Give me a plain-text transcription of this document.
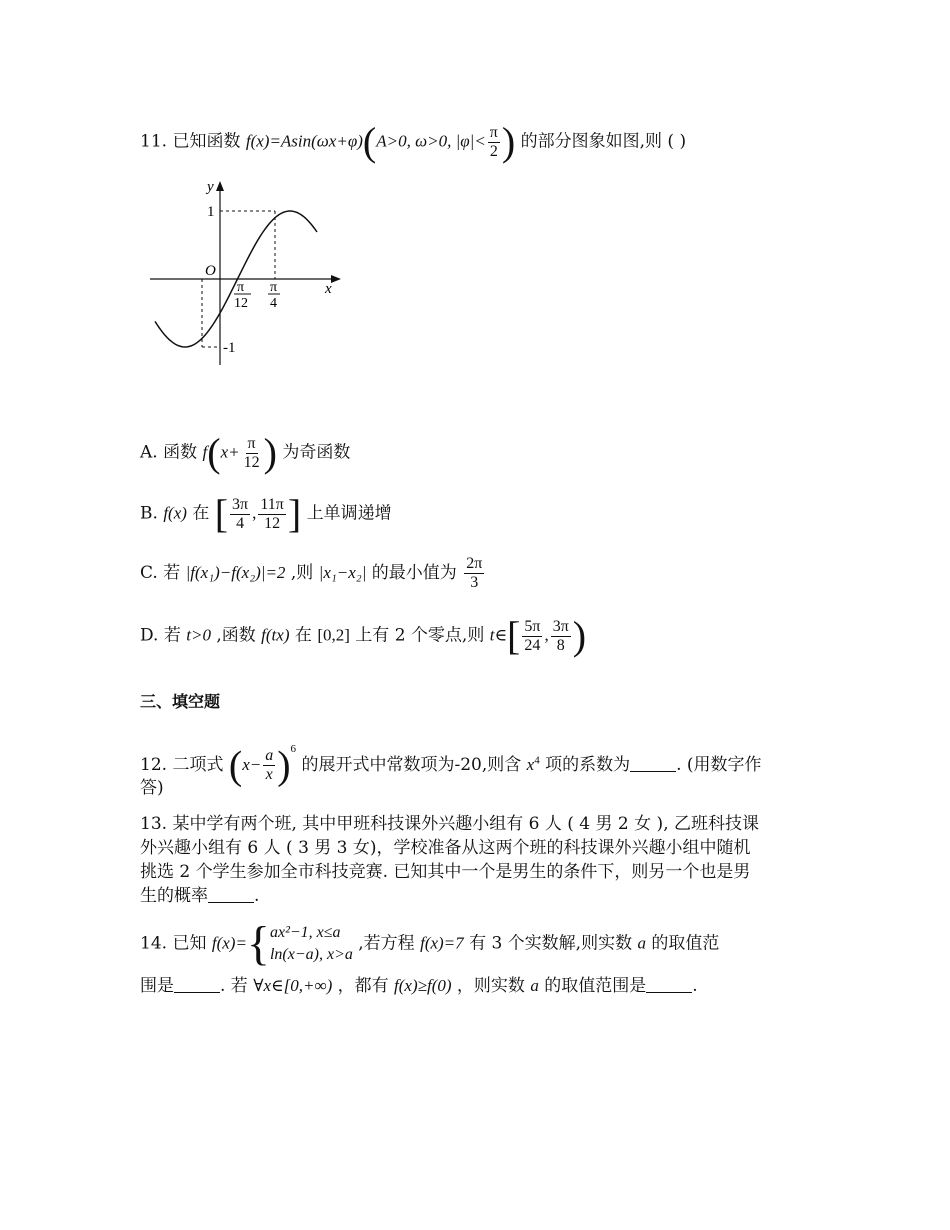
11. 已知函数 f(x)=Asin(ωx+φ)(A>0, ω>0, $|\varphi|< \frac{\pi}{2}$ ) 的部分图象如图,则 ( )
y
x
O
1
-1
π
12
π
4
A. 函数 $f(x+ \frac{\pi}{12}$ ) 为奇函数
B. f(x) 在 [ $\frac{3\pi}{4}$ , $\frac{11\pi}{12}$ ] 上单调递增
C. 若 |f(x₁)−f(x₂)|=2 ,则 |x₁−x₂| 的最小值为 $\frac{2\pi}{3}$
D. 若 t>0 ,函数 f(tx) 在 [0,2] 上有 2 个零点,则 t∈[ $\frac{5\pi}{24}$ , $\frac{3\pi}{8}$ )
三、填空题
12. 二项式 $(x- \frac{a}{x} )^6$ 的展开式中常数项为-20,则含 $x^4$ 项的系数为	. (用数字作
答)
13. 某中学有两个班, 其中甲班科技课外兴趣小组有 6 人 ( 4 男 2 女 ), 乙班科技课
外兴趣小组有 6 人 ( 3 男 3 女)，学校准备从这两个班的科技课外兴趣小组中随机
挑选 2 个学生参加全市科技竞赛. 已知其中一个是男生的条件下，则另一个也是男
生的概率	.
14. 已知 f(x)={ ax²−1, x≤a
ln(x−a), x>a
,若方程 f(x)=7 有 3 个实数解,则实数 a 的取值范
围是	. 若 ∀x∈[0,+∞) ，都有 f(x)≥f(0) ，则实数 a 的取值范围是	.
